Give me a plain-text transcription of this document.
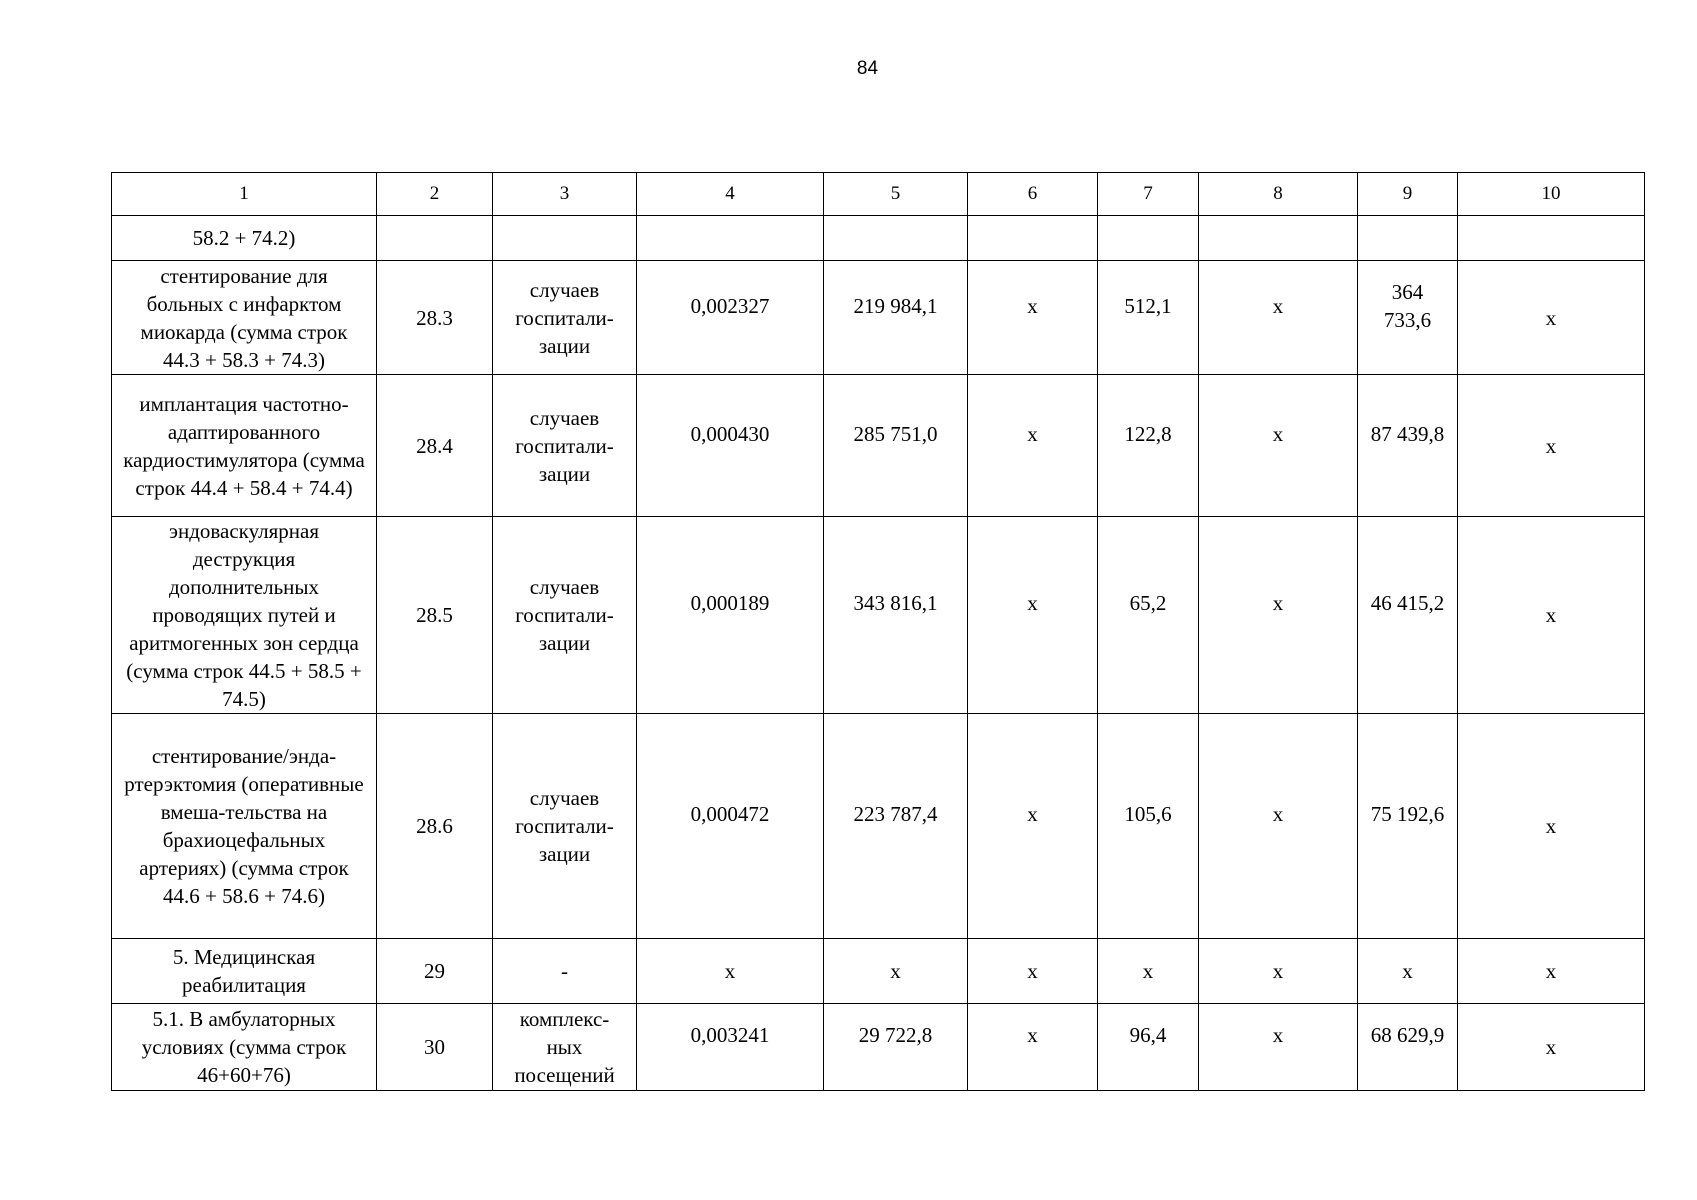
84
1	2	3	4	5	6	7	8	9	10
58.2 + 74.2)									
стентирование для больных с инфарктом миокарда (сумма строк 44.3 + 58.3 + 74.3)	28.3	случаев госпитали-зации	0,002327	219 984,1	х	512,1	х	364 733,6	х
имплантация частотно-адаптированного кардиостимулятора (сумма строк 44.4 + 58.4 + 74.4)	28.4	случаев госпитали-зации	0,000430	285 751,0	х	122,8	х	87 439,8	х
эндоваскулярная деструкция дополнительных проводящих путей и аритмогенных зон сердца (сумма строк 44.5 + 58.5 + 74.5)	28.5	случаев госпитали-зации	0,000189	343 816,1	х	65,2	х	46 415,2	х
стентирование/энда-ртерэктомия (оперативные вмеша-тельства на брахиоцефальных артериях) (сумма строк 44.6 + 58.6 + 74.6)	28.6	случаев госпитали-зации	0,000472	223 787,4	х	105,6	х	75 192,6	х
5. Медицинская реабилитация	29	-	х	х	х	х	х	х	х
5.1. В амбулаторных условиях (сумма строк 46+60+76)	30	комплекс-ных посещений	0,003241	29 722,8	х	96,4	х	68 629,9	х
